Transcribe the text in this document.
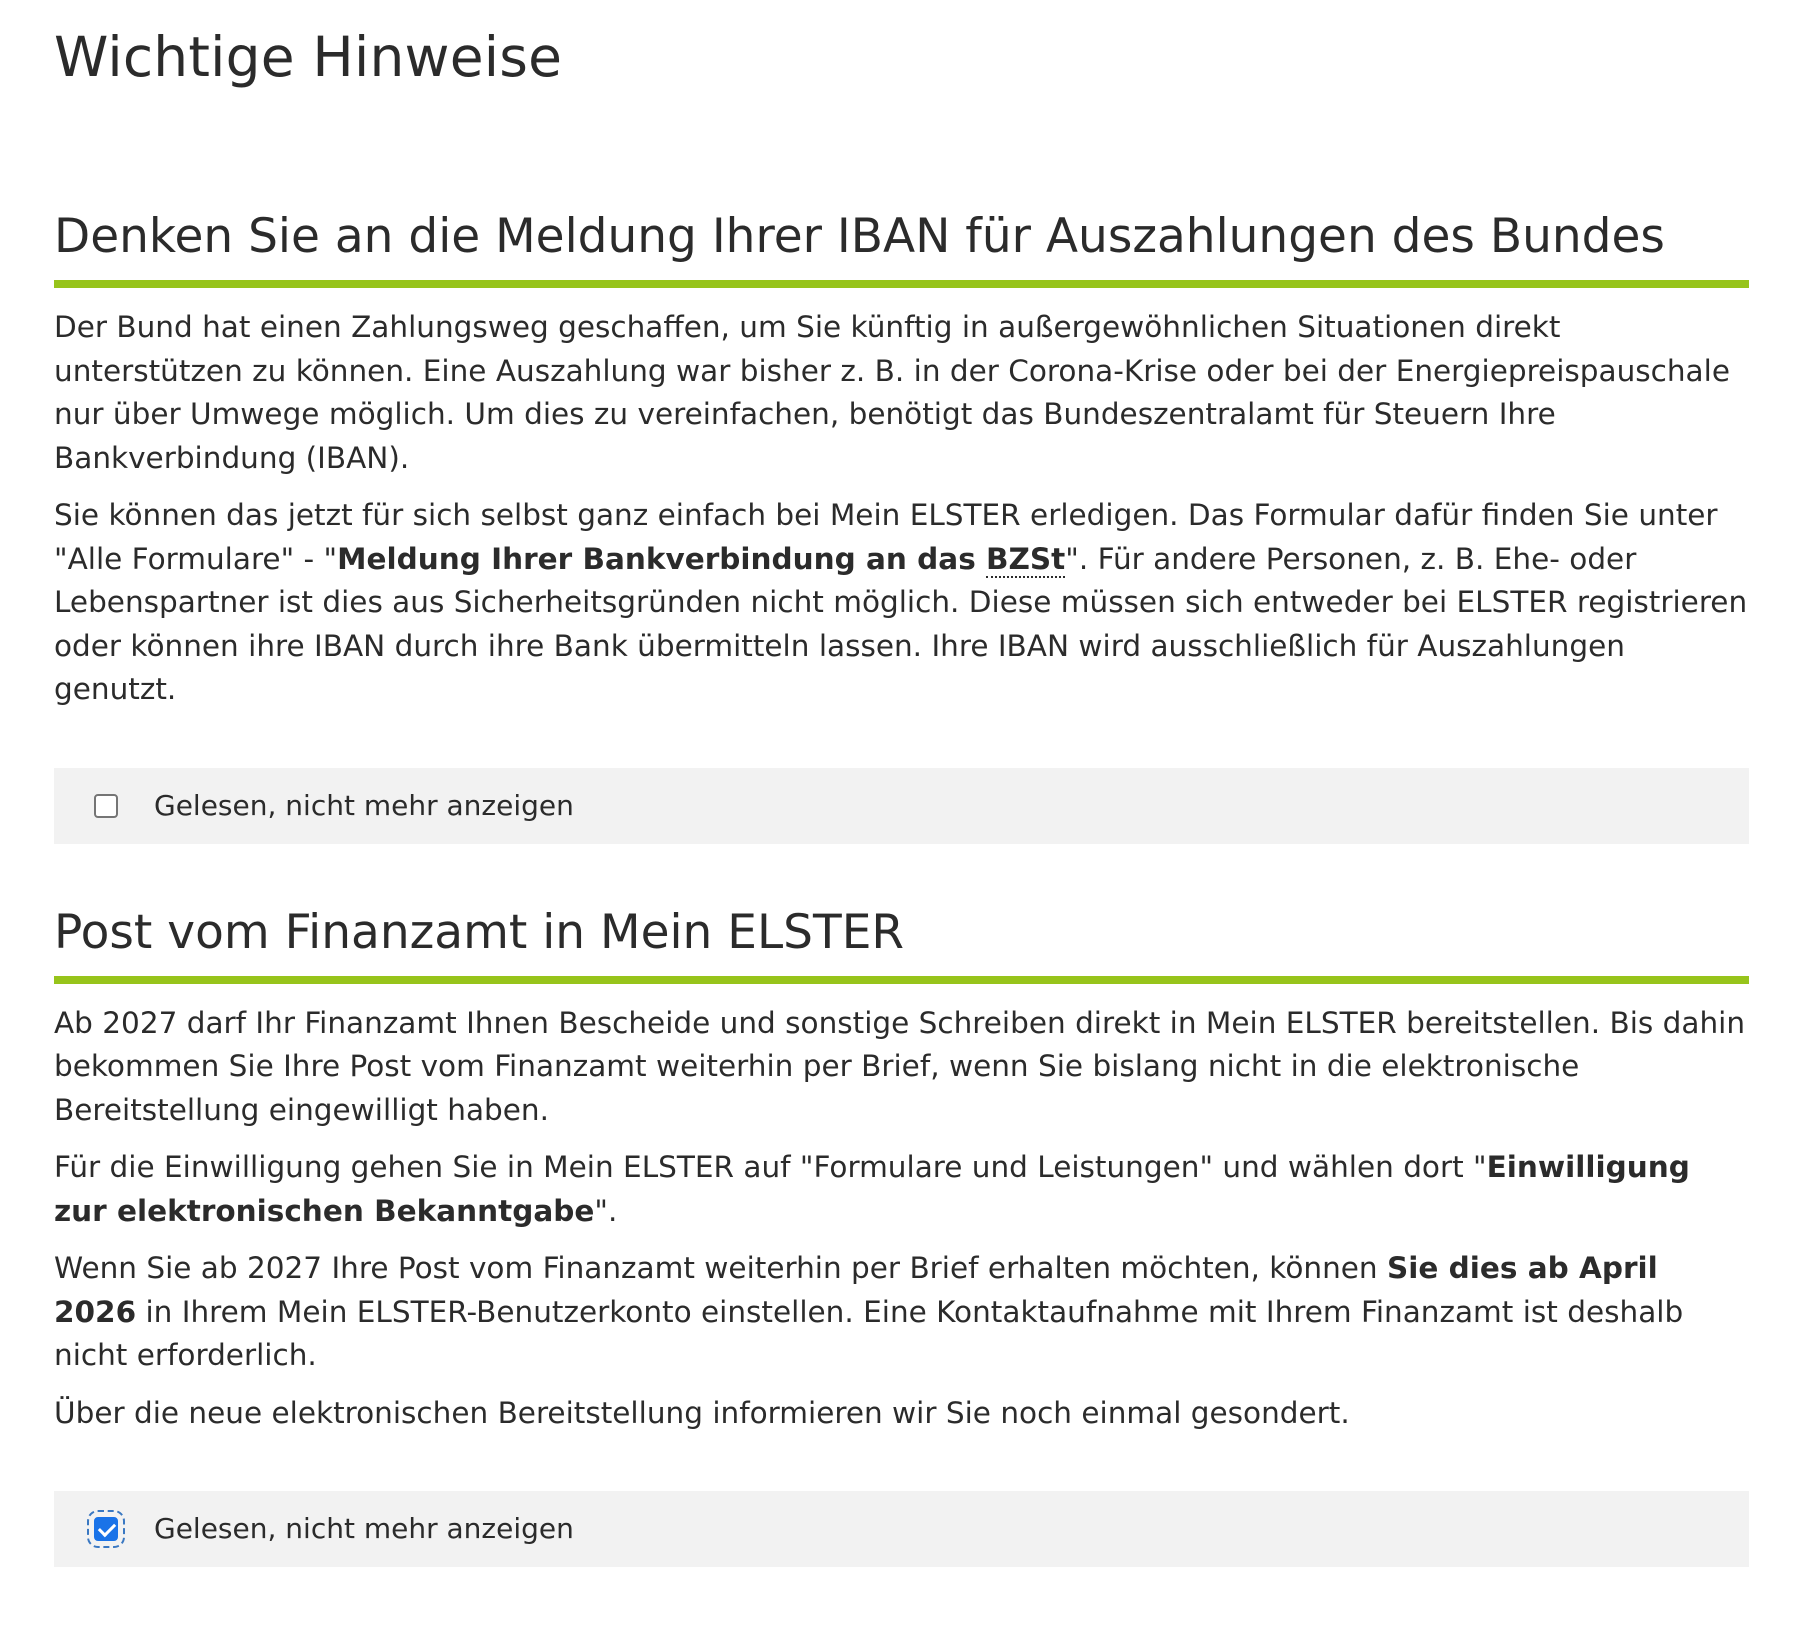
Wichtige Hinweise
Denken Sie an die Meldung Ihrer IBAN für Auszahlungen des Bundes

Der Bund hat einen Zahlungsweg geschaffen, um Sie künftig in außergewöhnlichen Situationen direkt unterstützen zu können. Eine Auszahlung war bisher z. B. in der Corona-Krise oder bei der Energiepreispauschale nur über Umwege möglich. Um dies zu vereinfachen, benötigt das Bundeszentralamt für Steuern Ihre Bankverbindung (IBAN).

Sie können das jetzt für sich selbst ganz einfach bei Mein ELSTER erledigen. Das Formular dafür finden Sie unter "Alle Formulare" - "Meldung Ihrer Bankverbindung an das BZSt". Für andere Personen, z. B. Ehe- oder Lebenspartner ist dies aus Sicherheitsgründen nicht möglich. Diese müssen sich entweder bei ELSTER registrieren oder können ihre IBAN durch ihre Bank übermitteln lassen. Ihre IBAN wird ausschließlich für Auszahlungen genutzt.

Gelesen, nicht mehr anzeigen
Post vom Finanzamt in Mein ELSTER

Ab 2027 darf Ihr Finanzamt Ihnen Bescheide und sonstige Schreiben direkt in Mein ELSTER bereitstellen. Bis dahin bekommen Sie Ihre Post vom Finanzamt weiterhin per Brief, wenn Sie bislang nicht in die elektronische Bereitstellung eingewilligt haben.

Für die Einwilligung gehen Sie in Mein ELSTER auf "Formulare und Leistungen" und wählen dort "Einwilligung zur elektronischen Bekanntgabe".

Wenn Sie ab 2027 Ihre Post vom Finanzamt weiterhin per Brief erhalten möchten, können Sie dies ab April 2026 in Ihrem Mein ELSTER-Benutzerkonto einstellen. Eine Kontaktaufnahme mit Ihrem Finanzamt ist deshalb nicht erforderlich.

Über die neue elektronischen Bereitstellung informieren wir Sie noch einmal gesondert.

Gelesen, nicht mehr anzeigen
